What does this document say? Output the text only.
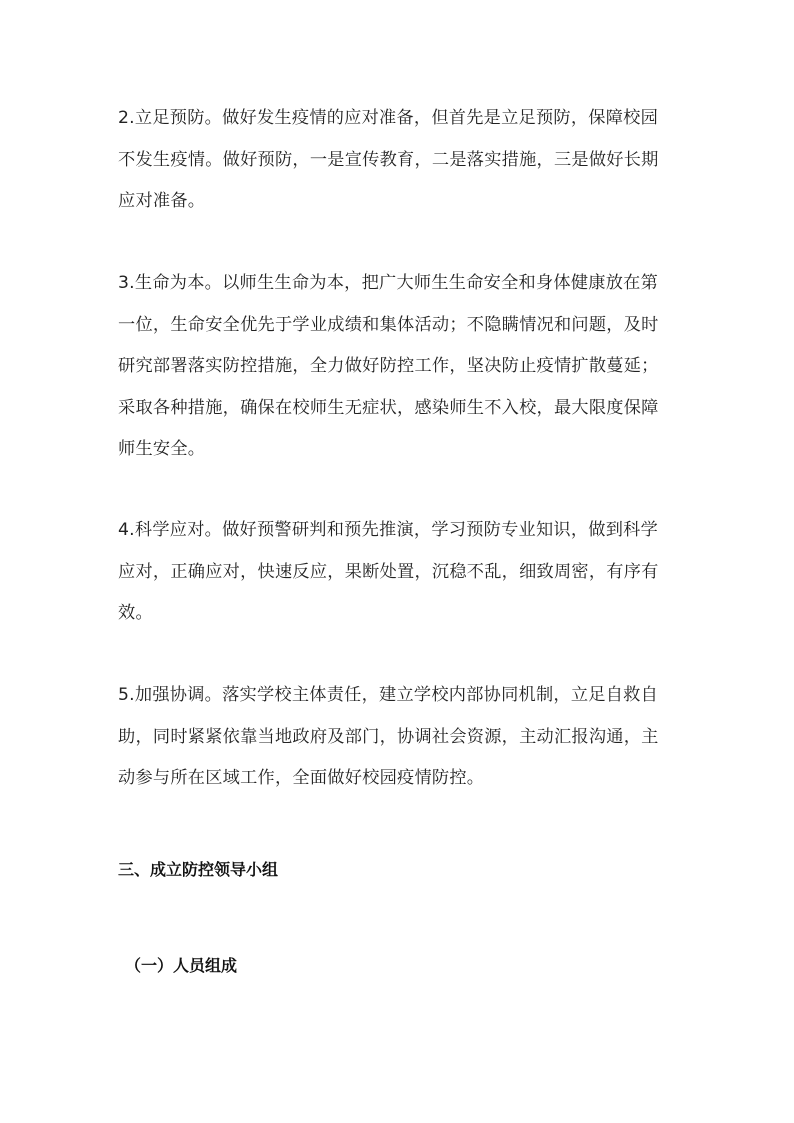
2.立足预防。做好发生疫情的应对准备，但首先是立足预防，保障校园
不发生疫情。做好预防，一是宣传教育，二是落实措施，三是做好长期
应对准备。

3.生命为本。以师生生命为本，把广大师生生命安全和身体健康放在第
一位，生命安全优先于学业成绩和集体活动；不隐瞒情况和问题，及时
研究部署落实防控措施，全力做好防控工作，坚决防止疫情扩散蔓延；
采取各种措施，确保在校师生无症状，感染师生不入校，最大限度保障
师生安全。

4.科学应对。做好预警研判和预先推演，学习预防专业知识，做到科学
应对，正确应对，快速反应，果断处置，沉稳不乱，细致周密，有序有
效。

5.加强协调。落实学校主体责任，建立学校内部协同机制，立足自救自
助，同时紧紧依靠当地政府及部门，协调社会资源，主动汇报沟通，主
动参与所在区域工作，全面做好校园疫情防控。

三、成立防控领导小组
（一）人员组成
